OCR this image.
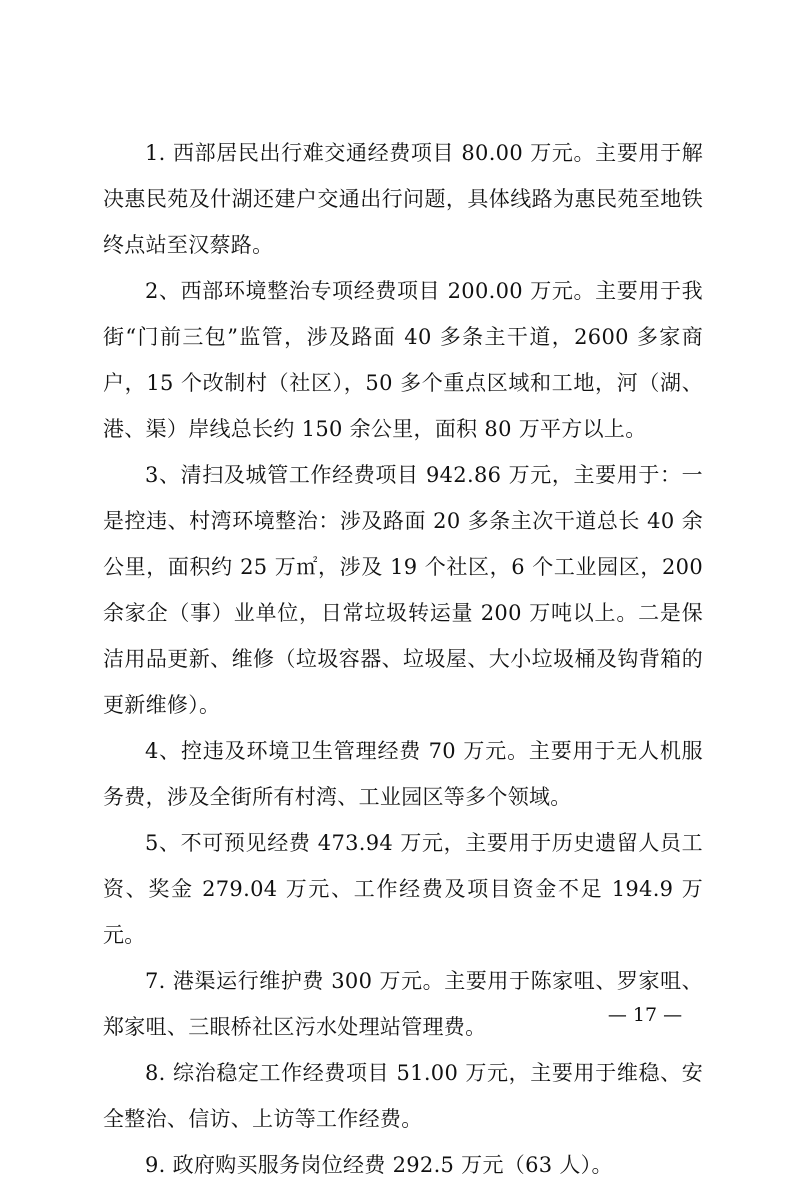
1. 西部居民出行难交通经费项目 80.00 万元。主要用于解决惠民苑及什湖还建户交通出行问题，具体线路为惠民苑至地铁终点站至汉蔡路。

2、西部环境整治专项经费项目 200.00 万元。主要用于我街“门前三包”监管，涉及路面 40 多条主干道，2600 多家商户，15 个改制村（社区），50 多个重点区域和工地，河（湖、港、渠）岸线总长约 150 余公里，面积 80 万平方以上。

3、清扫及城管工作经费项目 942.86 万元，主要用于：一是控违、村湾环境整治：涉及路面 20 多条主次干道总长 40 余公里，面积约 25 万㎡，涉及 19 个社区，6 个工业园区，200 余家企（事）业单位，日常垃圾转运量 200 万吨以上。二是保洁用品更新、维修（垃圾容器、垃圾屋、大小垃圾桶及钩背箱的更新维修）。

4、控违及环境卫生管理经费 70 万元。主要用于无人机服务费，涉及全街所有村湾、工业园区等多个领域。

5、不可预见经费 473.94 万元，主要用于历史遗留人员工资、奖金 279.04 万元、工作经费及项目资金不足 194.9 万元。

7. 港渠运行维护费 300 万元。主要用于陈家咀、罗家咀、郑家咀、三眼桥社区污水处理站管理费。

8. 综治稳定工作经费项目 51.00 万元，主要用于维稳、安全整治、信访、上访等工作经费。

9. 政府购买服务岗位经费 292.5 万元（63 人）。

— 17 —
